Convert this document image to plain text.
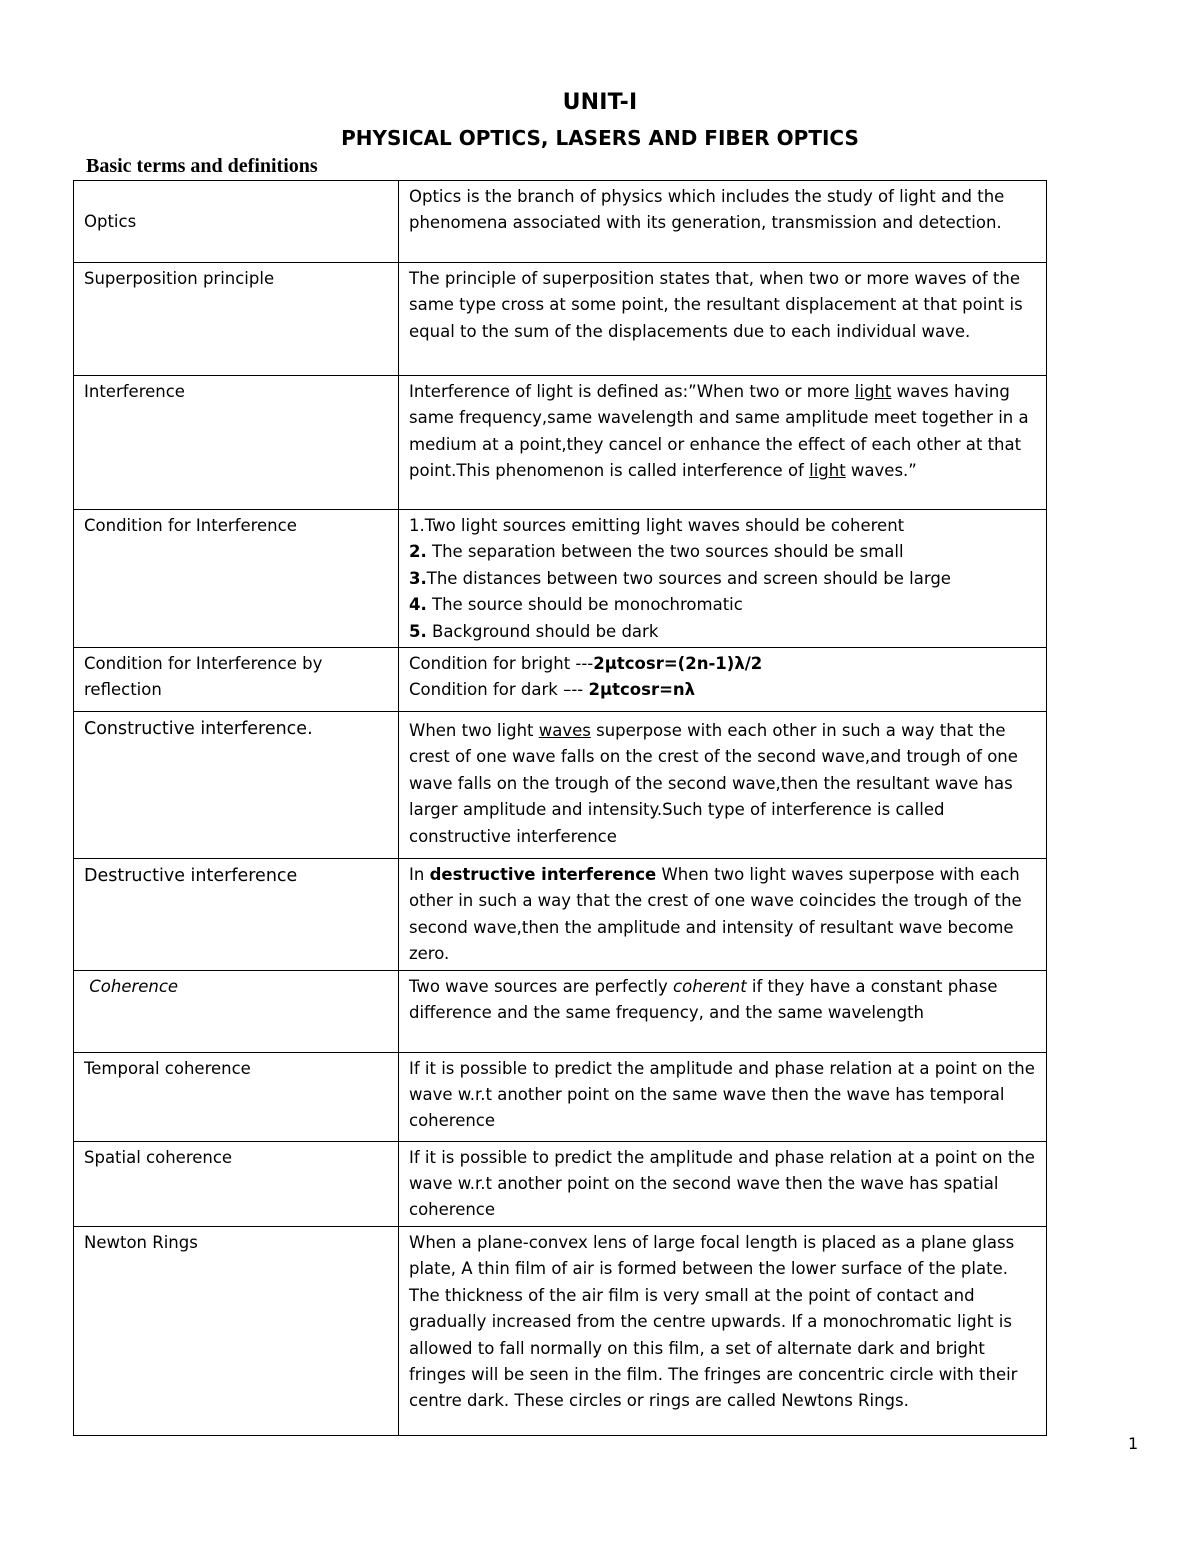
UNIT-I
PHYSICAL OPTICS, LASERS AND FIBER OPTICS
Basic terms and definitions
Optics	Optics is the branch of physics which includes the study of light and the phenomena associated with its generation, transmission and detection.
Superposition principle	The principle of superposition states that, when two or more waves of the same type cross at some point, the resultant displacement at that point is equal to the sum of the displacements due to each individual wave.
Interference	Interference of light is defined as:”When two or more light waves having same frequency,same wavelength and same amplitude meet together in a medium at a point,they cancel or enhance the effect of each other at that point.This phenomenon is called interference of light waves.”
Condition for Interference	1.Two light sources emitting light waves should be coherent
2. The separation between the two sources should be small
3.The distances between two sources and screen should be large
4. The source should be monochromatic
5. Background should be dark

Condition for Interference by reflection	Condition for bright ---2µtcosr=(2n-1)λ/2
Condition for dark –-- 2µtcosr=nλ

Constructive interference.	When two light waves superpose with each other in such a way that the crest of one wave falls on the crest of the second wave,and trough of one wave falls on the trough of the second wave,then the resultant wave has larger amplitude and intensity.Such type of interference is called constructive interference
Destructive interference	In destructive interference When two light waves superpose with each other in such a way that the crest of one wave coincides the trough of the second wave,then the amplitude and intensity of resultant wave become zero.
Coherence	Two wave sources are perfectly coherent if they have a constant phase difference and the same frequency, and the same wavelength
Temporal coherence	If it is possible to predict the amplitude and phase relation at a point on the wave w.r.t another point on the same wave then the wave has temporal coherence
Spatial coherence	If it is possible to predict the amplitude and phase relation at a point on the wave w.r.t another point on the second wave then the wave has spatial coherence
Newton Rings	When a plane-convex lens of large focal length is placed as a plane glass plate, A thin film of air is formed between the lower surface of the plate. The thickness of the air film is very small at the point of contact and gradually increased from the centre upwards. If a monochromatic light is allowed to fall normally on this film, a set of alternate dark and bright fringes will be seen in the film. The fringes are concentric circle with their centre dark. These circles or rings are called Newtons Rings.
1
